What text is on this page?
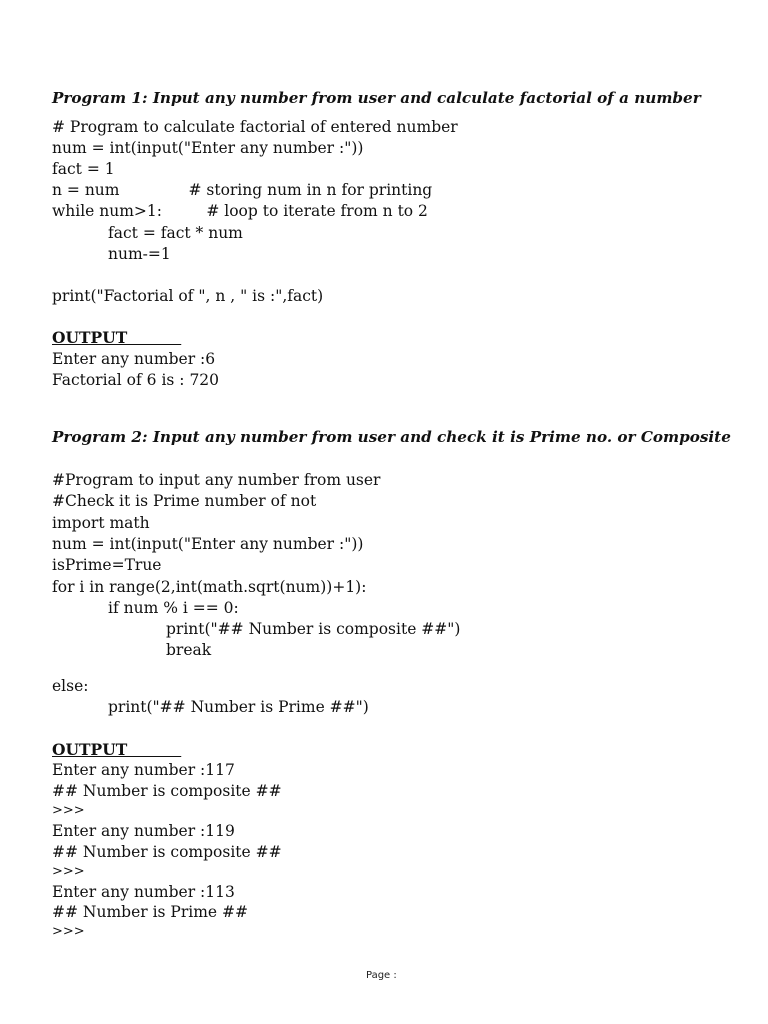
Program 1: Input any number from user and calculate factorial of a number
# Program to calculate factorial of entered number
num = int(input("Enter any number :"))
fact = 1
n = num              # storing num in n for printing
while num>1:         # loop to iterate from n to 2
fact = fact * num
num-=1
print("Factorial of ", n , " is :",fact)
OUTPUT
Enter any number :6
Factorial of 6 is : 720
Program 2: Input any number from user and check it is Prime no. or Composite
#Program to input any number from user
#Check it is Prime number of not
import math
num = int(input("Enter any number :"))
isPrime=True
for i in range(2,int(math.sqrt(num))+1):
if num % i == 0:
print("## Number is composite ##")
break
else:
print("## Number is Prime ##")
OUTPUT
Enter any number :117
## Number is composite ##
>>>
Enter any number :119
## Number is composite ##
>>>
Enter any number :113
## Number is Prime ##
>>>
Page :
